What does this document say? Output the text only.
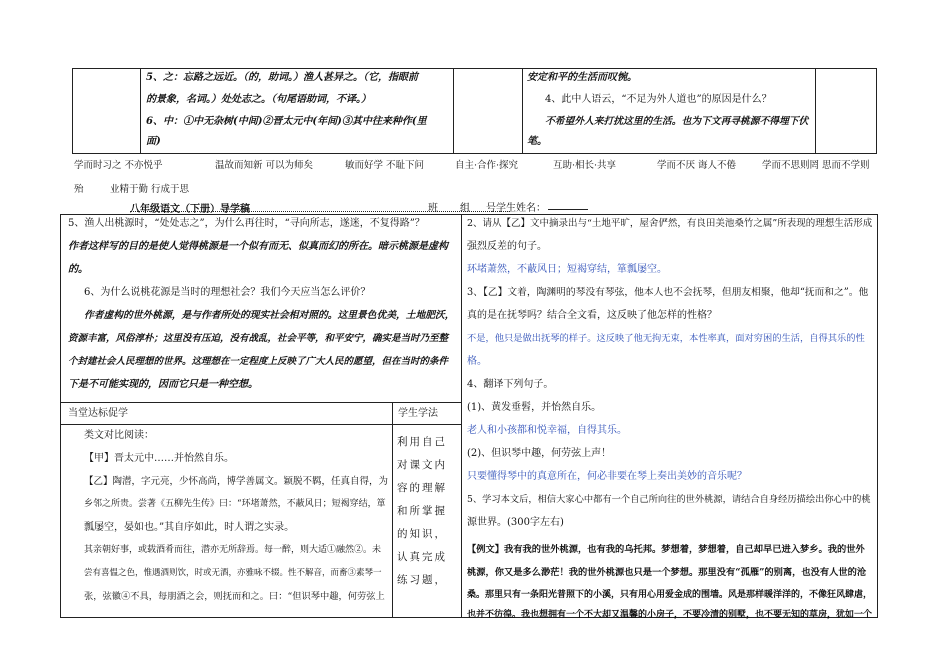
5、之：忘路之远近。（的，助词。）渔人甚异之。（它，指眼前
的景象，名词。）处处志之。（句尾语助词，不译。）
6、中：①中无杂树(中间)②晋太元中(年间)③其中往来种作(里
面)
安定和平的生活而叹惋。
4、此中人语云，“不足为外人道也”的原因是什么？
不希望外人来打扰这里的生活。也为下文再寻桃源不得埋下伏
笔。
学而时习之 不亦悦乎	温故而知新 可以为师矣	敏而好学 不耻下问	自主·合作·探究	互助·相长·共享	学而不厌 诲人不倦	学而不思则罔 思而不学则
殆	业精于勤 行成于思
八年级语文（下册）导学稿	班 组 号学生姓名：
5、渔人出桃源时，“处处志之”，为什么再往时，“寻向所志，遂迷，不复得路”？
作者这样写的目的是使人觉得桃源是一个似有而无、似真而幻的所在。暗示桃源是虚构
的。
6、为什么说桃花源是当时的理想社会？我们今天应当怎么评价？
作者虚构的世外桃源，是与作者所处的现实社会相对照的。这里景色优美，土地肥沃，
资源丰富，风俗淳朴；这里没有压迫，没有战乱，社会平等，和平安宁，确实是当时乃至整
个封建社会人民理想的世界。这理想在一定程度上反映了广大人民的愿望，但在当时的条件
下是不可能实现的，因而它只是一种空想。
当堂达标促学	学生学法
利用自己
对课文内
容的理解
和所掌握
的知识，
认真完成
练习题，
类文对比阅读：
【甲】晋太元中……并怡然自乐。
【乙】陶潜，字元亮，少怀高尚，博学善属文。颖脱不羁，任真自得，为
乡邻之所贵。尝著《五柳先生传》曰：“环堵萧然，不蔽风日；短褐穿结，箪
瓢屡空，晏如也。”其自序如此，时人谓之实录。
其亲朝好事，或载酒肴而往，潜亦无所辞焉。每一醉，则大适①融然②。未
尝有喜愠之色，惟遇酒则饮，时或无酒，亦雅咏不辍。性不解音，而畜③素琴一
张，弦徽④不具，每朋酒之会，则抚而和之。曰：“但识琴中趣，何劳弦上
2、请从【乙】文中摘录出与“土地平旷，屋舍俨然，有良田美池桑竹之属”所表现的理想生活形成
强烈反差的句子。
环堵萧然，不蔽风日；短褐穿结，箪瓢屡空。
3、【乙】文着，陶渊明的琴没有琴弦，他本人也不会抚琴，但朋友相聚，他却“抚而和之”。他
真的是在抚琴吗？结合全文看，这反映了他怎样的性格？
不是，他只是做出抚琴的样子。这反映了他无拘无束，本性率真，面对穷困的生活，自得其乐的性
格。
4、翻译下列句子。
(1)、黄发垂髫，并怡然自乐。
老人和小孩都和悦幸福，自得其乐。
(2)、但识琴中趣，何劳弦上声！
只要懂得琴中的真意所在，何必非要在琴上奏出美妙的音乐呢？
5、学习本文后，相信大家心中都有一个自己所向往的世外桃源，请结合自身经历描绘出你心中的桃
源世界。(300字左右)
【例文】我有我的世外桃源，也有我的乌托邦。梦想着，梦想着，自己却早已进入梦乡。我的世外
桃源，你又是多么渺茫！我的世外桃源也只是一个梦想。那里没有“孤雁”的别离，也没有人世的沧
桑。那里只有一条阳光普照下的小溪，只有用心用爱金成的围墙。风是那样暖洋洋的，不像狂风肆虐，
也并不彷徨。我也想拥有一个不大却又温馨的小房子，不要冷清的别墅，也不要无知的草房，犹如一个
